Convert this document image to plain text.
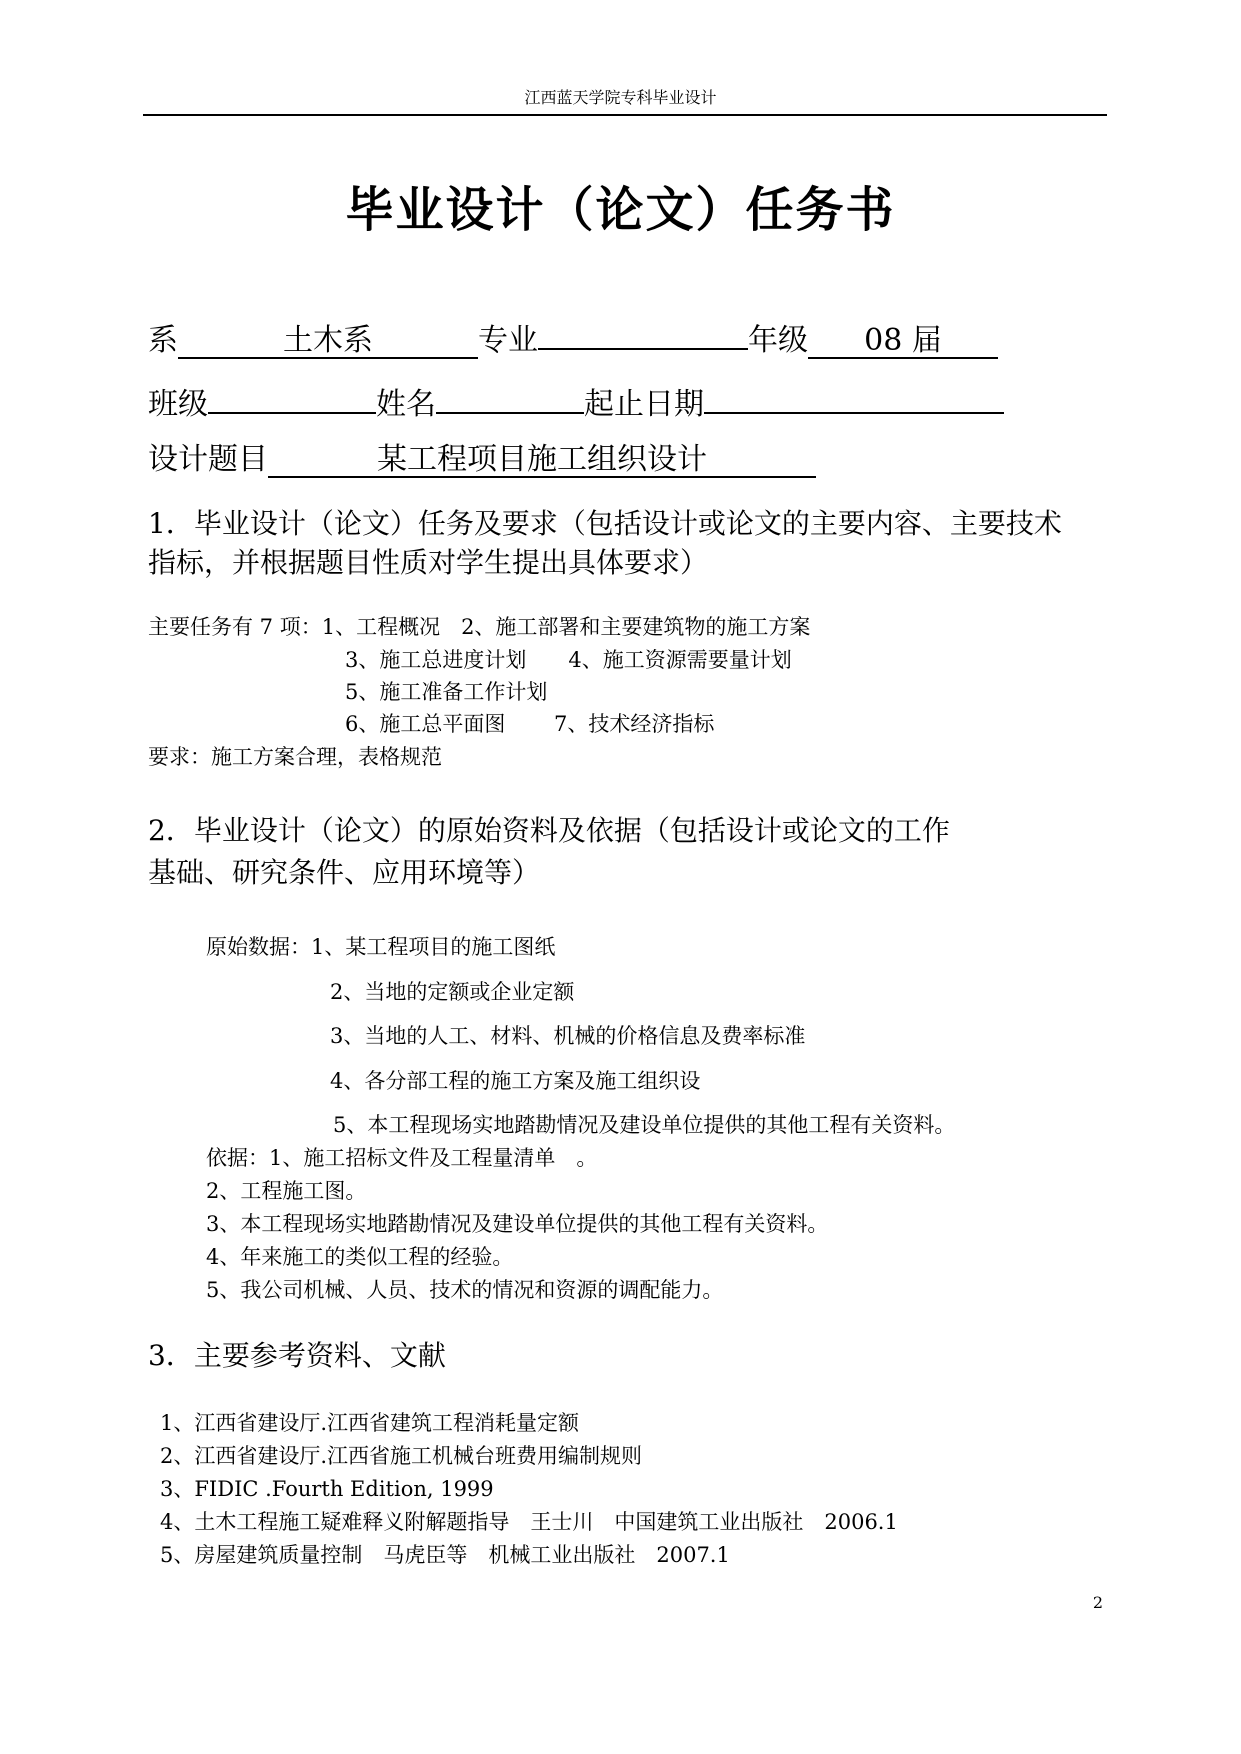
江西蓝天学院专科毕业设计
毕业设计（论文）任务书
系	土木系	专业	年级 08 届
班级	姓名	起止日期
设计题目	某工程项目施工组织设计
1．毕业设计（论文）任务及要求（包括设计或论文的主要内容、主要技术
指标，并根据题目性质对学生提出具体要求）
主要任务有 7 项：1、工程概况　2、施工部署和主要建筑物的施工方案
3、施工总进度计划　　4、施工资源需要量计划
5、施工准备工作计划
6、施工总平面图　　 7、技术经济指标
要求：施工方案合理，表格规范
2．毕业设计（论文）的原始资料及依据（包括设计或论文的工作
基础、研究条件、应用环境等）
原始数据：1、某工程项目的施工图纸
2、当地的定额或企业定额
3、当地的人工、材料、机械的价格信息及费率标准
4、各分部工程的施工方案及施工组织设
5、本工程现场实地踏勘情况及建设单位提供的其他工程有关资料。
依据：1、施工招标文件及工程量清单　。
2、工程施工图。
3、本工程现场实地踏勘情况及建设单位提供的其他工程有关资料。
4、年来施工的类似工程的经验。
5、我公司机械、人员、技术的情况和资源的调配能力。
3．主要参考资料、文献
1、江西省建设厅.江西省建筑工程消耗量定额
2、江西省建设厅.江西省施工机械台班费用编制规则
3、FIDIC .Fourth Edition, 1999
4、土木工程施工疑难释义附解题指导　王士川　中国建筑工业出版社　2006.1
5、房屋建筑质量控制　马虎臣等　机械工业出版社　2007.1
2
